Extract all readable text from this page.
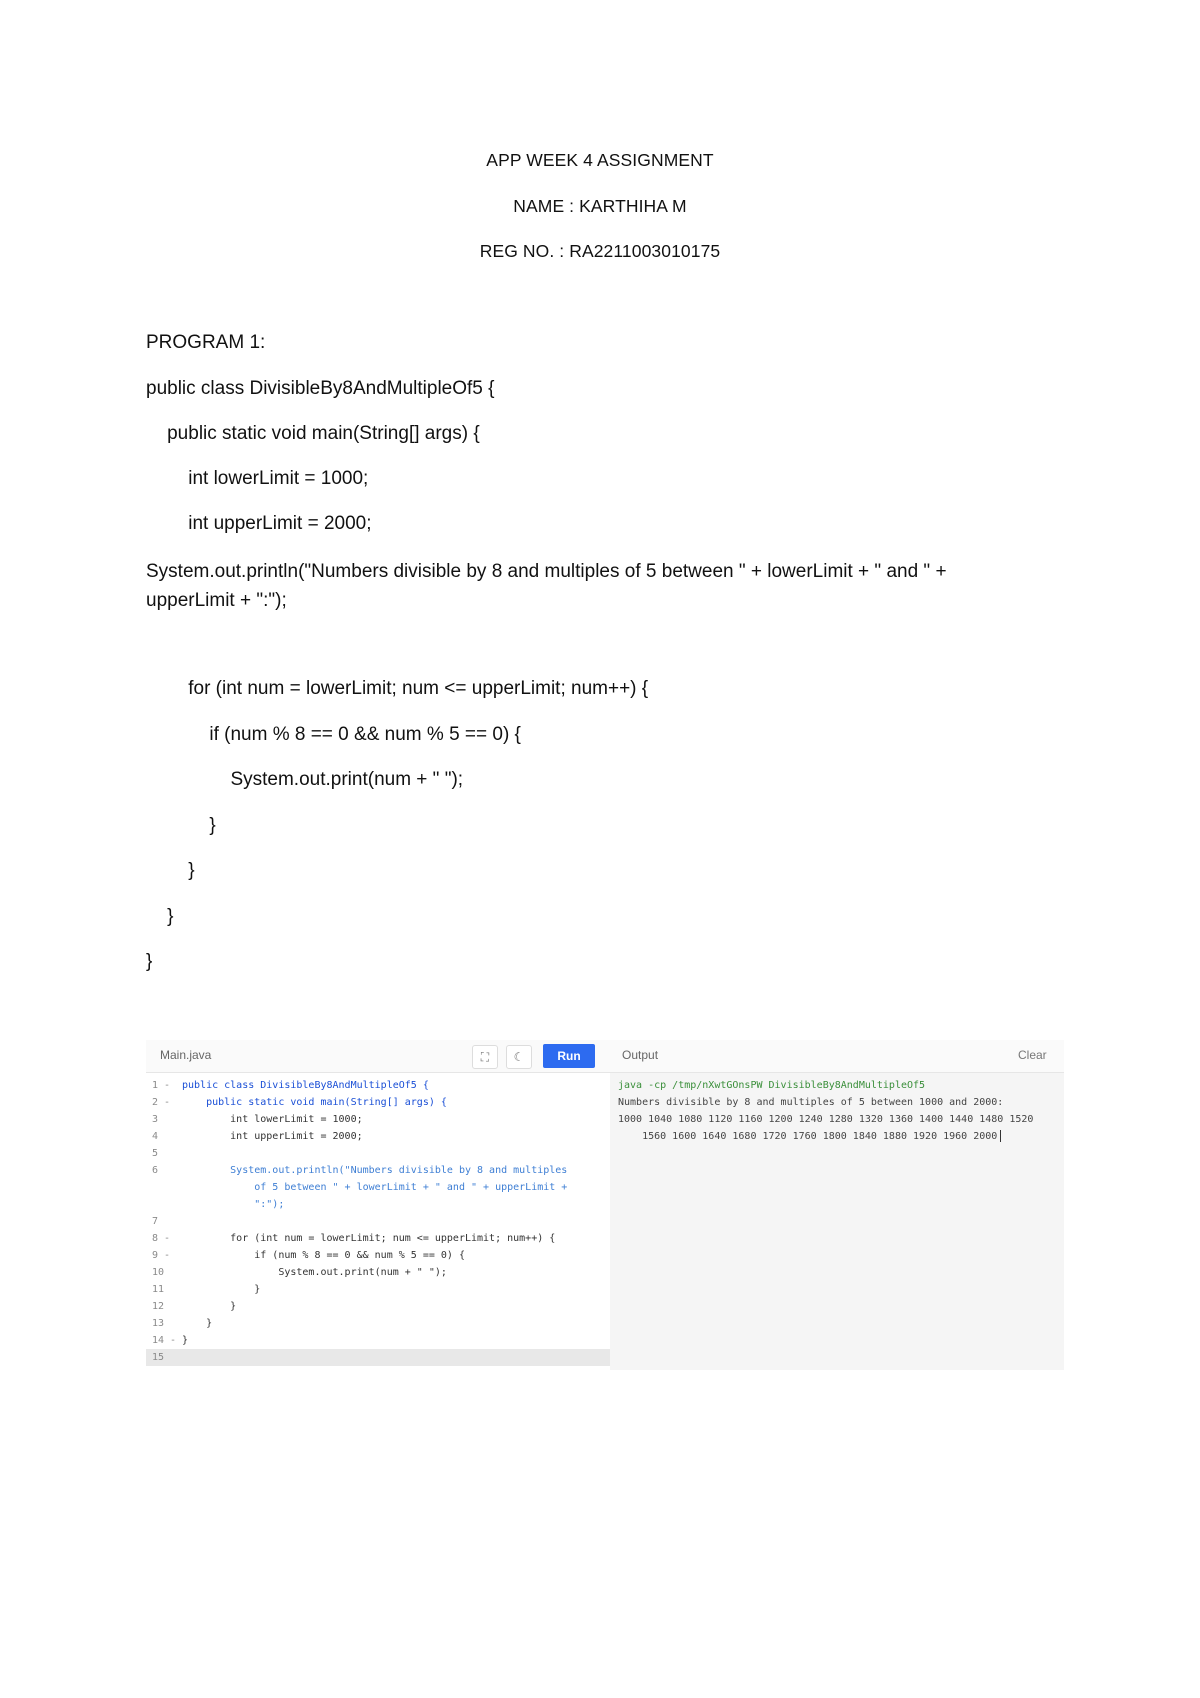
APP WEEK 4 ASSIGNMENT
NAME : KARTHIHA M
REG NO. : RA2211003010175
PROGRAM 1:
public class DivisibleBy8AndMultipleOf5 {
public static void main(String[] args) {
int lowerLimit = 1000;
int upperLimit = 2000;
System.out.println("Numbers divisible by 8 and multiples of 5 between " + lowerLimit + " and " + upperLimit + ":");
for (int num = lowerLimit; num <= upperLimit; num++) {
if (num % 8 == 0 && num % 5 == 0) {
System.out.print(num + " ");
}
}
}
}
Main.java	⛶	☾	Run	Output	Clear
1 - public class DivisibleBy8AndMultipleOf5 {
2 - public static void main(String[] args) {
3	int lowerLimit = 1000;
4	int upperLimit = 2000;
5
6	System.out.println("Numbers divisible by 8 and multiples
of 5 between " + lowerLimit + " and " + upperLimit +
":");
7
8 - for (int num = lowerLimit; num <= upperLimit; num++) {
9 - if (num % 8 == 0 && num % 5 == 0) {
10	System.out.print(num + " ");
11	}
12	}
13	}
14 - }
15
java -cp /tmp/nXwtGOnsPW DivisibleBy8AndMultipleOf5
Numbers divisible by 8 and multiples of 5 between 1000 and 2000:
1000 1040 1080 1120 1160 1200 1240 1280 1320 1360 1400 1440 1480 1520
1560 1600 1640 1680 1720 1760 1800 1840 1880 1920 1960 2000
